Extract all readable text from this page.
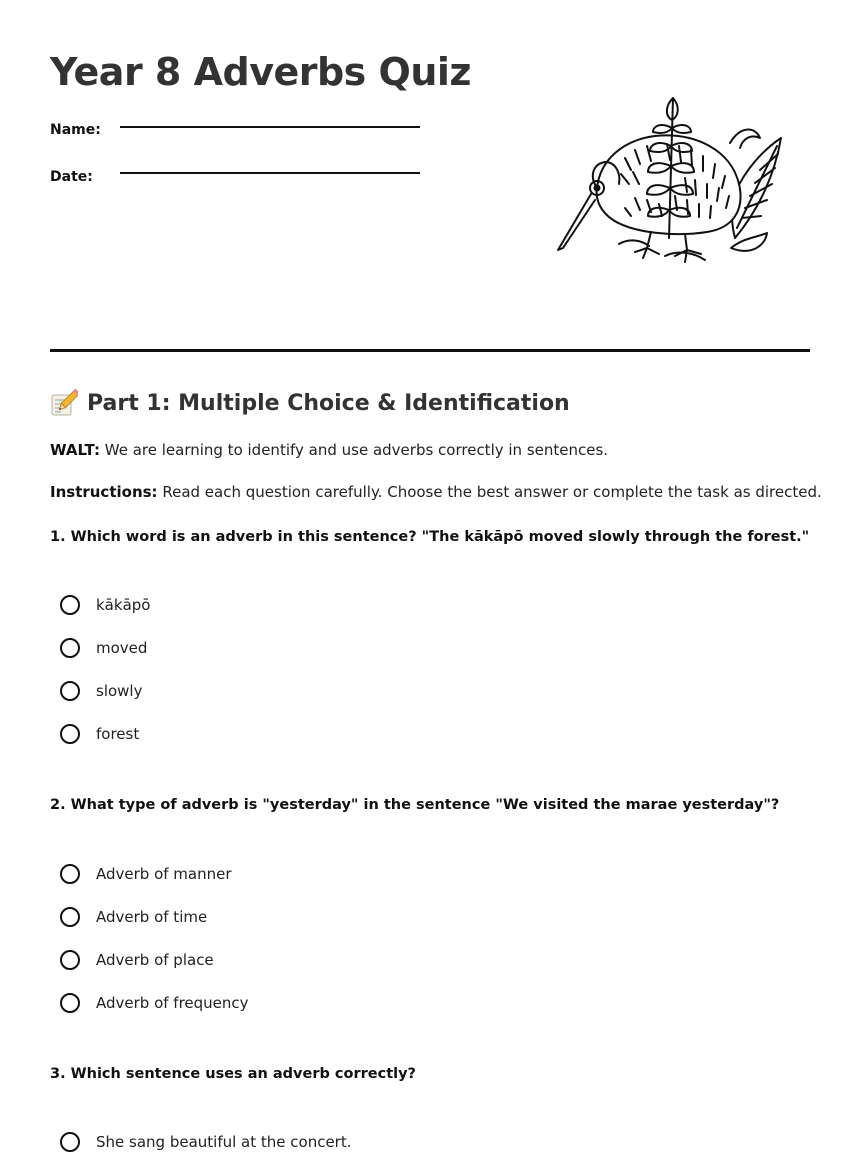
Year 8 Adverbs Quiz
Name:
Date:
Part 1: Multiple Choice & Identification

WALT: We are learning to identify and use adverbs correctly in sentences.

Instructions: Read each question carefully. Choose the best answer or complete the task as directed.

1. Which word is an adverb in this sentence? "The kākāpō moved slowly through the forest."

kākāpō
moved
slowly
forest

2. What type of adverb is "yesterday" in the sentence "We visited the marae yesterday"?

Adverb of manner
Adverb of time
Adverb of place
Adverb of frequency

3. Which sentence uses an adverb correctly?

She sang beautiful at the concert.
